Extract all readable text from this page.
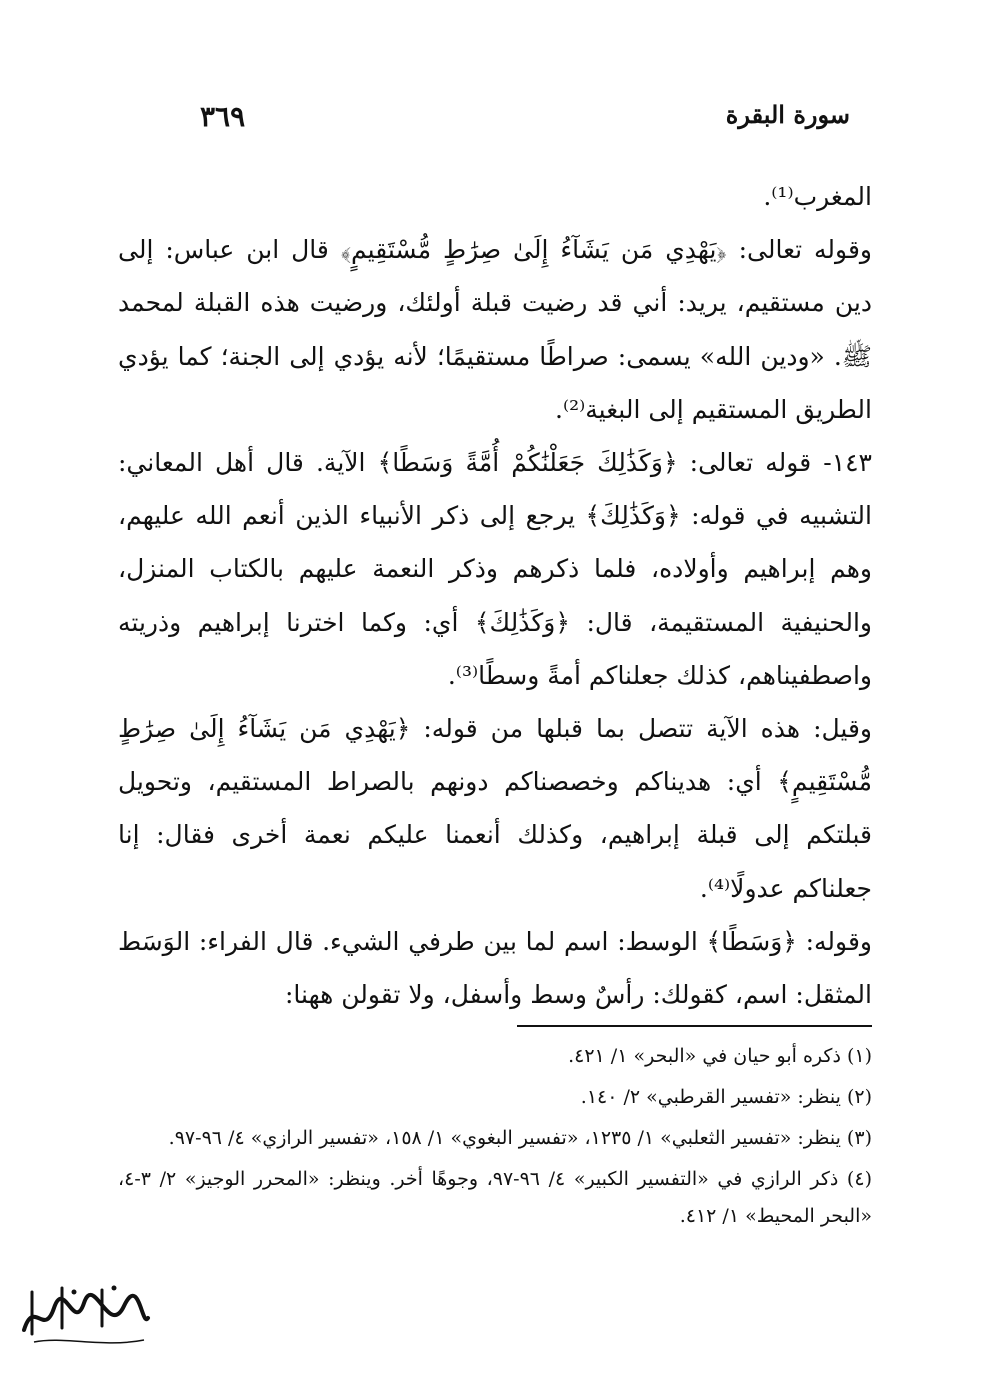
سورة البقرة
٣٦٩

المغرب⁽¹⁾.

وقوله تعالى: ﴿يَهْدِي مَن يَشَآءُ إِلَىٰ صِرَٰطٍ مُّسْتَقِيمٍ﴾ قال ابن عباس: إلى دين مستقيم، يريد: أني قد رضيت قبلة أولئك، ورضيت هذه القبلة لمحمد ﷺ. «ودين الله» يسمى: صراطًا مستقيمًا؛ لأنه يؤدي إلى الجنة؛ كما يؤدي الطريق المستقيم إلى البغية⁽²⁾.

١٤٣- قوله تعالى: ﴿وَكَذَٰلِكَ جَعَلْنَٰكُمْ أُمَّةً وَسَطًا﴾ الآية. قال أهل المعاني: التشبيه في قوله: ﴿وَكَذَٰلِكَ﴾ يرجع إلى ذكر الأنبياء الذين أنعم الله عليهم، وهم إبراهيم وأولاده، فلما ذكرهم وذكر النعمة عليهم بالكتاب المنزل، والحنيفية المستقيمة، قال: ﴿وَكَذَٰلِكَ﴾ أي: وكما اخترنا إبراهيم وذريته واصطفيناهم، كذلك جعلناكم أمةً وسطًا⁽³⁾.

وقيل: هذه الآية تتصل بما قبلها من قوله: ﴿يَهْدِي مَن يَشَآءُ إِلَىٰ صِرَٰطٍ مُّسْتَقِيمٍ﴾ أي: هديناكم وخصصناكم دونهم بالصراط المستقيم، وتحويل قبلتكم إلى قبلة إبراهيم، وكذلك أنعمنا عليكم نعمة أخرى فقال: إنا جعلناكم عدولًا⁽⁴⁾.

وقوله: ﴿وَسَطًا﴾ الوسط: اسم لما بين طرفي الشيء. قال الفراء: الوَسَط المثقل: اسم، كقولك: رأسٌ وسط وأسفل، ولا تقولن ههنا:

(١) ذكره أبو حيان في «البحر» ١/ ٤٢١.

(٢) ينظر: «تفسير القرطبي» ٢/ ١٤٠.

(٣) ينظر: «تفسير الثعلبي» ١/ ١٢٣٥، «تفسير البغوي» ١/ ١٥٨، «تفسير الرازي» ٤/ ٩٦-٩٧.

(٤) ذكر الرازي في «التفسير الكبير» ٤/ ٩٦-٩٧، وجوهًا أخر. وينظر: «المحرر الوجيز» ٢/ ٣-٤، «البحر المحيط» ١/ ٤١٢.
